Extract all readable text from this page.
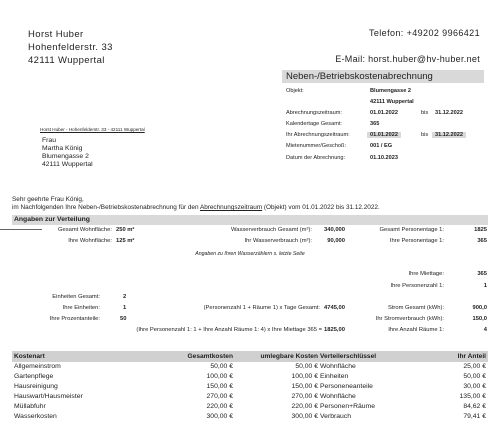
Horst Huber
Hohenfelderstr. 33
42111 Wuppertal
Telefon: +49202 9966421
E-Mail: horst.huber@hv-huber.net
Neben-/Betriebskostenabrechnung
Objekt:	Blumengasse 2
42111 Wuppertal
Abrechnungszeitraum:	01.01.2022	bis 31.12.2022
Kalendertage Gesamt:	365
Ihr Abrechnungszeitraum:	01.01.2022	bis	31.12.2022
Mietenummer/Geschoß:	001 / EG
Datum der Abrechnung:	01.10.2023
Horst Huber - Hohenfelderstr. 33 - 42111 Wuppertal
Frau
Martha König
Blumengasse 2
42111 Wuppertal
Sehr geehrte Frau König,
im Nachfolgenden Ihre Neben-/Betriebskostenabrechnung für den Abrechnungszeitraum (Objekt) vom 01.01.2022 bis 31.12.2022.
Angaben zur Verteilung
Gesamt Wohnfläche: 250 m²	Wasserverbrauch Gesamt (m³): 340,000	Gesamt Personentage 1:	1825
Ihre Wohnfläche: 125 m²	Ihr Wasserverbrauch (m³):	90,000	Ihre Personentage 1:	365
Angaben zu Ihren Wasserzählern s. letzte Seite
Ihre Miettage:	365
Ihre Personenzahl 1:	1
Einheiten Gesamt:	2
Ihre Einheiten:	1	(Personenzahl 1 + Räume 1) x Tage Gesamt: 4745,00	Strom Gesamt (kWh):	900,0
Ihre Prozentanteile:	50	Ihr Stromverbrauch (kWh):	150,0
(Ihre Personenzahl 1: 1 + Ihre Anzahl Räume 1: 4) x Ihre Miettage 365 = 1825,00	Ihre Anzahl Räume 1:	4
Kostenart	Gesamtkosten	umlegbare Kosten Verteilerschlüssel	Ihr Anteil
Allgemeinstrom	50,00 €	50,00 € Wohnfläche	25,00 €
Gartenpflege	100,00 €	100,00 € Einheiten	50,00 €
Hausreinigung	150,00 €	150,00 € Personeneanteile	30,00 €
Hauswart/Hausmeister	270,00 €	270,00 € Wohnfläche	135,00 €
Müllabfuhr	220,00 €	220,00 € Personen+Räume	84,62 €
Wasserkosten	300,00 €	300,00 € Verbrauch	79,41 €
